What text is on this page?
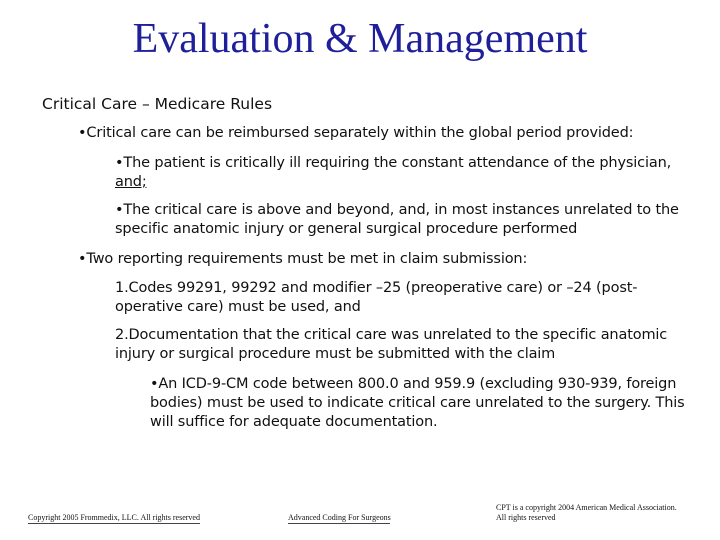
Evaluation & Management
Critical Care – Medicare Rules
•Critical care can be reimbursed separately within the global period provided:
•The patient is critically ill requiring the constant attendance of the physician,
and;
•The critical care is above and beyond, and, in most instances unrelated to the specific anatomic injury or general surgical procedure performed
•Two reporting requirements must be met in claim submission:
1.Codes 99291, 99292 and modifier –25 (preoperative care) or –24 (post-operative care) must be used, and
2.Documentation that the critical care was unrelated to the specific anatomic injury or surgical procedure must be submitted with the claim
•An ICD-9-CM code between 800.0 and 959.9 (excluding 930-939, foreign bodies) must be used to indicate critical care unrelated to the surgery. This will suffice for adequate documentation.
Copyright 2005 Frommedix, LLC. All rights reserved	Advanced Coding For Surgeons
CPT is a copyright 2004 American Medical Association.
All rights reserved
